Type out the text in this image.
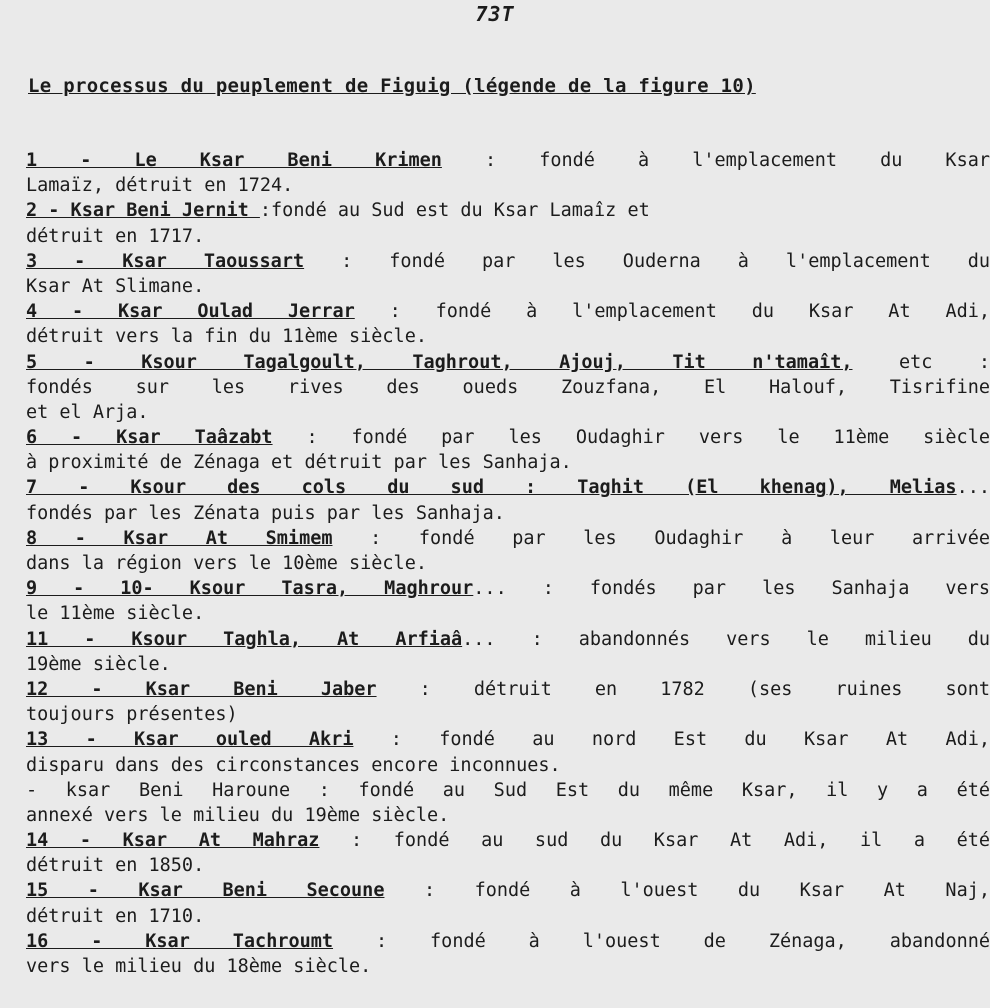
73T
Le processus du peuplement de Figuig (légende de la figure 10)
1 - Le Ksar Beni Krimen : fondé à l'emplacement du Ksar
Lamaïz, détruit en 1724.
2 - Ksar Beni Jernit :fondé au Sud est du Ksar Lamaîz et
détruit en 1717.
3 - Ksar Taoussart : fondé par les Ouderna à l'emplacement du
Ksar At Slimane.
4 - Ksar Oulad Jerrar : fondé à l'emplacement du Ksar At Adi,
détruit vers la fin du 11ème siècle.
5 - Ksour Tagalgoult, Taghrout, Ajouj, Tit n'tamaît, etc :
fondés sur les rives des oueds Zouzfana, El Halouf, Tisrifine
et el Arja.
6 - Ksar Taâzabt : fondé par les Oudaghir vers le 11ème siècle
à proximité de Zénaga et détruit par les Sanhaja.
7 - Ksour des cols du sud : Taghit (El khenag), Melias...
fondés par les Zénata puis par les Sanhaja.
8 - Ksar At Smimem : fondé par les Oudaghir à leur arrivée
dans la région vers le 10ème siècle.
9 - 10- Ksour Tasra, Maghrour... : fondés par les Sanhaja vers
le 11ème siècle.
11 - Ksour Taghla, At Arfiaâ... : abandonnés vers le milieu du
19ème siècle.
12 - Ksar Beni Jaber : détruit en 1782 (ses ruines sont
toujours présentes)
13 - Ksar ouled Akri : fondé au nord Est du Ksar At Adi,
disparu dans des circonstances encore inconnues.
- ksar Beni Haroune : fondé au Sud Est du même Ksar, il y a été
annexé vers le milieu du 19ème siècle.
14 - Ksar At Mahraz : fondé au sud du Ksar At Adi, il a été
détruit en 1850.
15 - Ksar Beni Secoune : fondé à l'ouest du Ksar At Naj,
détruit en 1710.
16 - Ksar Tachroumt : fondé à l'ouest de Zénaga, abandonné
vers le milieu du 18ème siècle.
